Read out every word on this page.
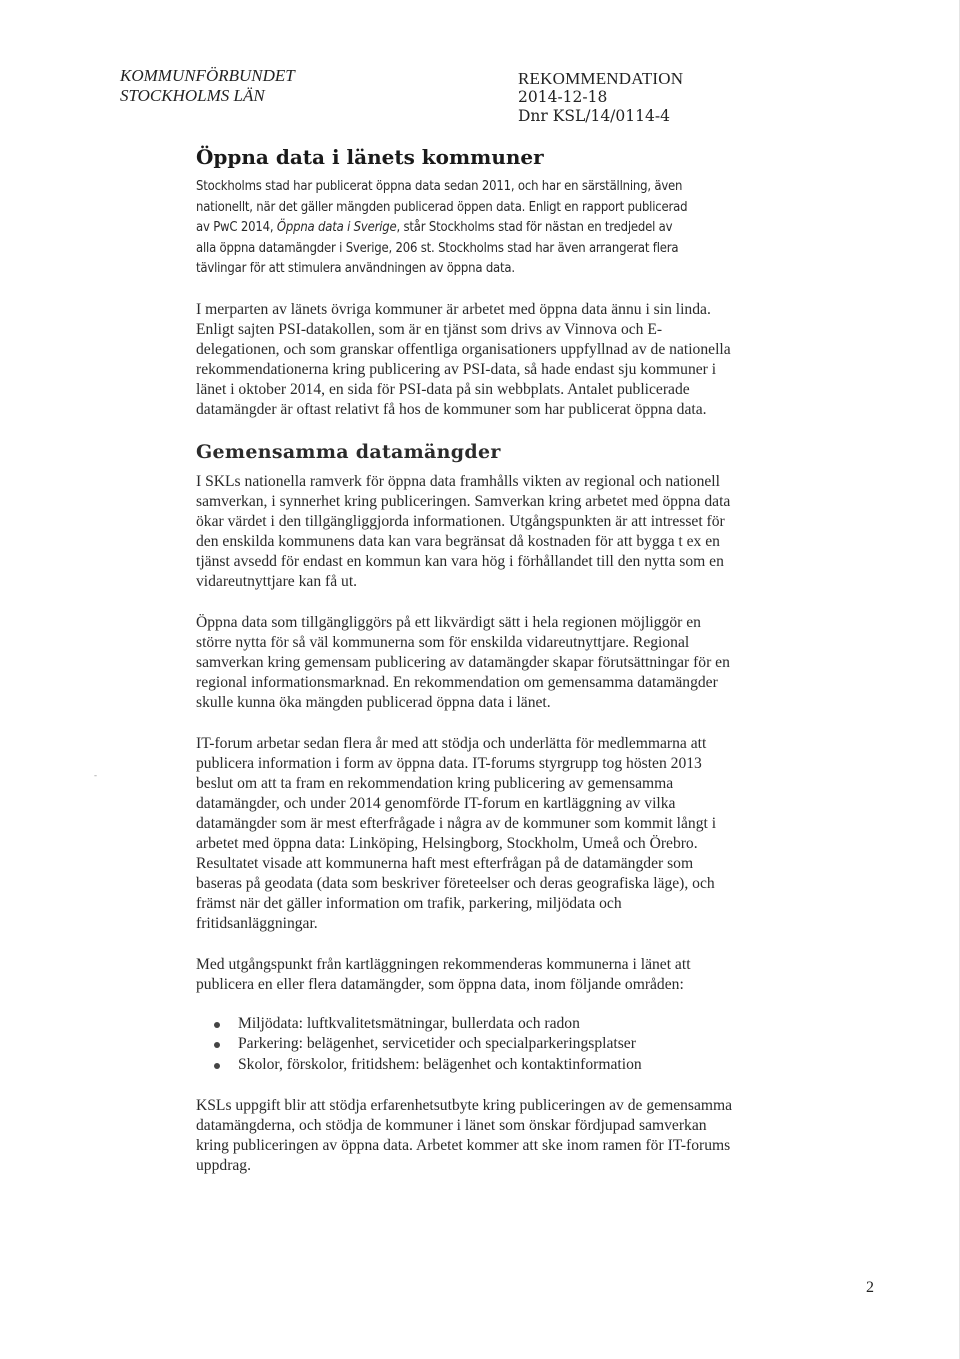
-
KOMMUNFÖRBUNDET
STOCKHOLMS LÄN
REKOMMENDATION
2014-12-18
Dnr KSL/14/0114-4
Öppna data i länets kommuner

Stockholms stad har publicerat öppna data sedan 2011, och har en särställning, även

nationellt, när det gäller mängden publicerad öppen data. Enligt en rapport publicerad

av PwC 2014, Öppna data i Sverige, står Stockholms stad för nästan en tredjedel av

alla öppna datamängder i Sverige, 206 st. Stockholms stad har även arrangerat flera

tävlingar för att stimulera användningen av öppna data.

I merparten av länets övriga kommuner är arbetet med öppna data ännu i sin linda.

Enligt sajten PSI-datakollen, som är en tjänst som drivs av Vinnova och E-

delegationen, och som granskar offentliga organisationers uppfyllnad av de nationella

rekommendationerna kring publicering av PSI-data, så hade endast sju kommuner i

länet i oktober 2014, en sida för PSI-data på sin webbplats. Antalet publicerade

datamängder är oftast relativt få hos de kommuner som har publicerat öppna data.

Gemensamma datamängder

I SKLs nationella ramverk för öppna data framhålls vikten av regional och nationell

samverkan, i synnerhet kring publiceringen. Samverkan kring arbetet med öppna data

ökar värdet i den tillgängliggjorda informationen. Utgångspunkten är att intresset för

den enskilda kommunens data kan vara begränsat då kostnaden för att bygga t ex en

tjänst avsedd för endast en kommun kan vara hög i förhållandet till den nytta som en

vidareutnyttjare kan få ut.

Öppna data som tillgängliggörs på ett likvärdigt sätt i hela regionen möjliggör en

större nytta för så väl kommunerna som för enskilda vidareutnyttjare. Regional

samverkan kring gemensam publicering av datamängder skapar förutsättningar för en

regional informationsmarknad. En rekommendation om gemensamma datamängder

skulle kunna öka mängden publicerad öppna data i länet.

IT-forum arbetar sedan flera år med att stödja och underlätta för medlemmarna att

publicera information i form av öppna data. IT-forums styrgrupp tog hösten 2013

beslut om att ta fram en rekommendation kring publicering av gemensamma

datamängder, och under 2014 genomförde IT-forum en kartläggning av vilka

datamängder som är mest efterfrågade i några av de kommuner som kommit långt i

arbetet med öppna data: Linköping, Helsingborg, Stockholm, Umeå och Örebro.

Resultatet visade att kommunerna haft mest efterfrågan på de datamängder som

baseras på geodata (data som beskriver företeelser och deras geografiska läge), och

främst när det gäller information om trafik, parkering, miljödata och

fritidsanläggningar.

Med utgångspunkt från kartläggningen rekommenderas kommunerna i länet att

publicera en eller flera datamängder, som öppna data, inom följande områden:

Miljödata: luftkvalitetsmätningar, bullerdata och radon
Parkering: belägenhet, servicetider och specialparkeringsplatser
Skolor, förskolor, fritidshem: belägenhet och kontaktinformation

KSLs uppgift blir att stödja erfarenhetsutbyte kring publiceringen av de gemensamma

datamängderna, och stödja de kommuner i länet som önskar fördjupad samverkan

kring publiceringen av öppna data. Arbetet kommer att ske inom ramen för IT-forums

uppdrag.

2
